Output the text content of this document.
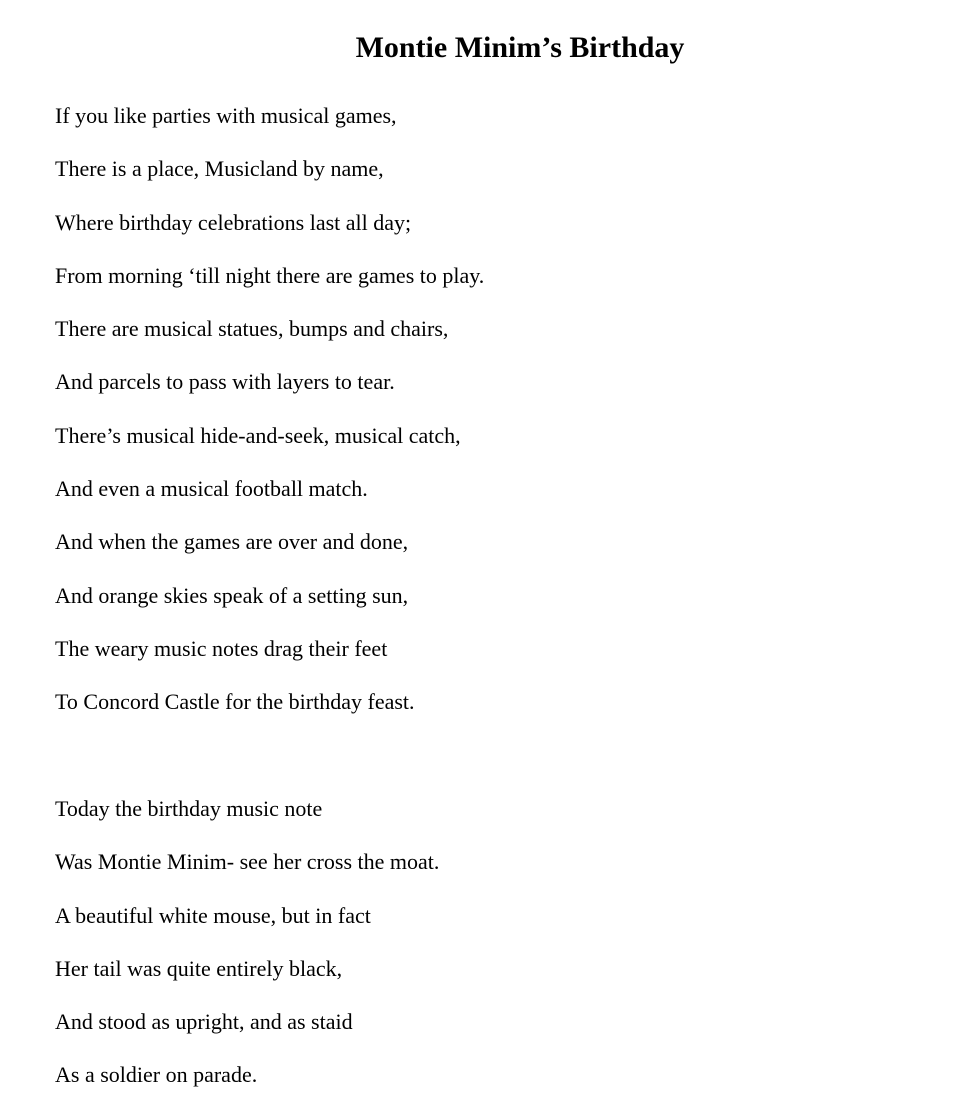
Montie Minim’s Birthday
If you like parties with musical games,
There is a place, Musicland by name,
Where birthday celebrations last all day;
From morning ‘till night there are games to play.
There are musical statues, bumps and chairs,
And parcels to pass with layers to tear.
There’s musical hide-and-seek, musical catch,
And even a musical football match.
And when the games are over and done,
And orange skies speak of a setting sun,
The weary music notes drag their feet
To Concord Castle for the birthday feast.
Today the birthday music note
Was Montie Minim- see her cross the moat.
A beautiful white mouse, but in fact
Her tail was quite entirely black,
And stood as upright, and as staid
As a soldier on parade.
